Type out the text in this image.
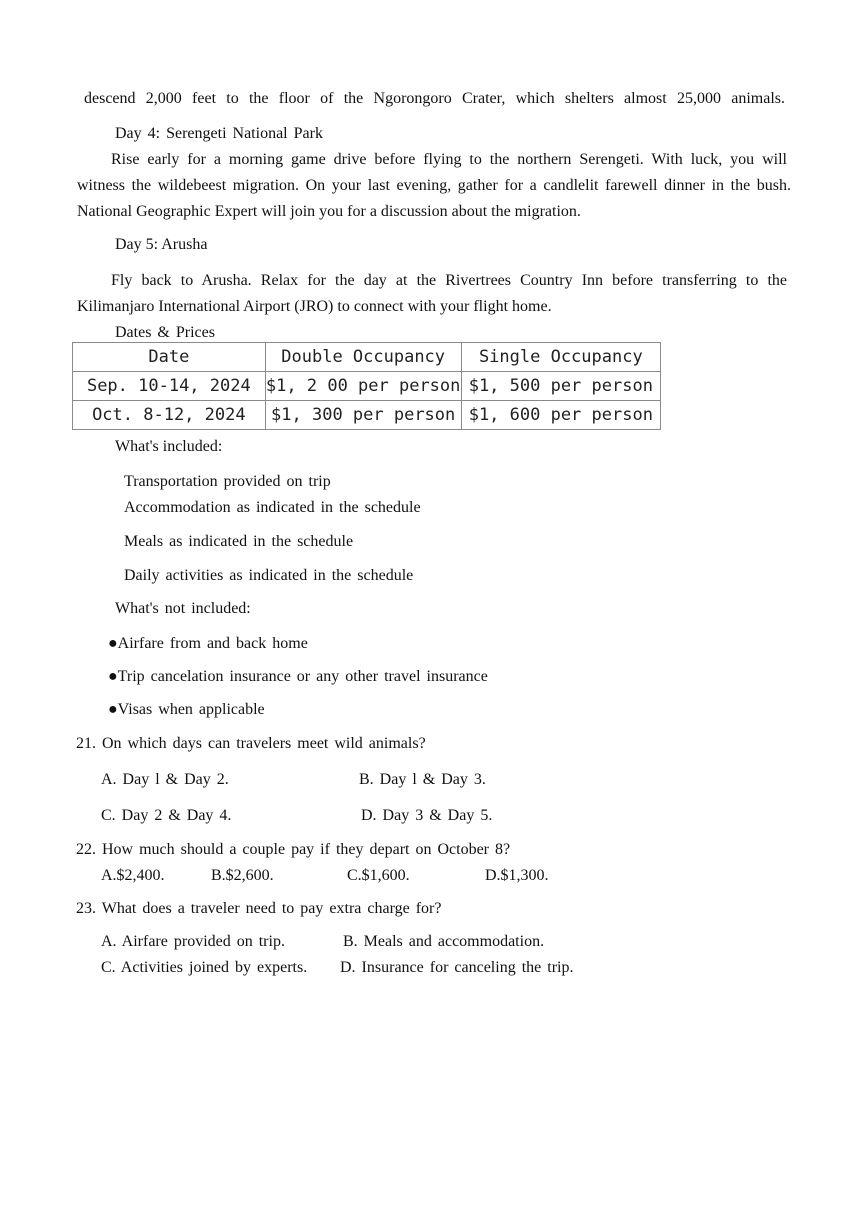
descend 2,000 feet to the floor of the Ngorongoro Crater, which shelters almost 25,000 animals.
Day 4: Serengeti National Park
Rise early for a morning game drive before flying to the northern Serengeti. With luck, you will
witness the wildebeest migration. On your last evening, gather for a candlelit farewell dinner in the bush.
National Geographic Expert will join you for a discussion about the migration.
Day 5: Arusha
Fly back to Arusha. Relax for the day at the Rivertrees Country Inn before transferring to the
Kilimanjaro International Airport (JRO) to connect with your flight home.
Dates & Prices
Date	Double Occupancy	Single Occupancy
Sep. 10-14, 2024	$1, 2 00 per person	$1, 500 per person
Oct. 8-12, 2024	$1, 300 per person	$1, 600 per person
What's included:
Transportation provided on trip
Accommodation as indicated in the schedule
Meals as indicated in the schedule
Daily activities as indicated in the schedule
What's not included:
●Airfare from and back home
●Trip cancelation insurance or any other travel insurance
●Visas when applicable
21. On which days can travelers meet wild animals?
A. Day l & Day 2.	B. Day l & Day 3.
C. Day 2 & Day 4.	D. Day 3 & Day 5.
22. How much should a couple pay if they depart on October 8?
A.$2,400.	B.$2,600.	C.$1,600.	D.$1,300.
23. What does a traveler need to pay extra charge for?
A. Airfare provided on trip.	B. Meals and accommodation.
C. Activities joined by experts. D. Insurance for canceling the trip.
